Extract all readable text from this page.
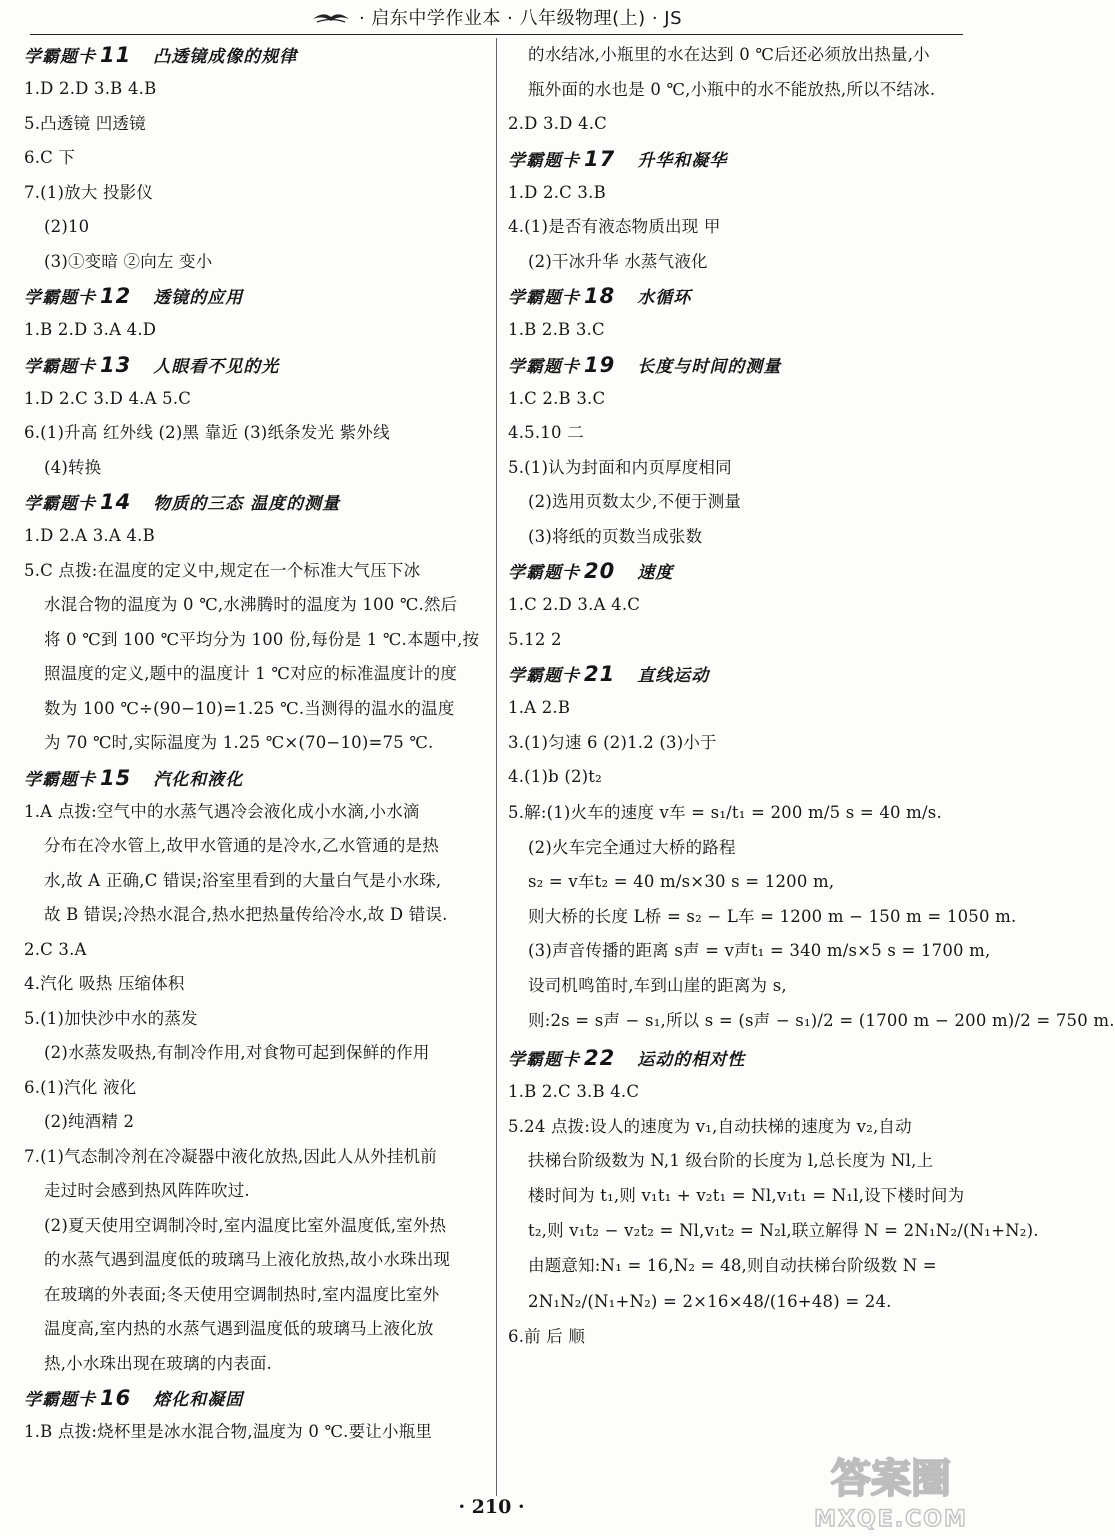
· 启东中学作业本 · 八年级物理(上) · JS
学霸题卡 11 凸透镜成像的规律
1.D 2.D 3.B 4.B
5.凸透镜 凹透镜
6.C 下
7.(1)放大 投影仪
(2)10
(3)①变暗 ②向左 变小
学霸题卡 12 透镜的应用
1.B 2.D 3.A 4.D
学霸题卡 13 人眼看不见的光
1.D 2.C 3.D 4.A 5.C
6.(1)升高 红外线 (2)黑 靠近 (3)纸条发光 紫外线
(4)转换
学霸题卡 14 物质的三态 温度的测量
1.D 2.A 3.A 4.B
5.C 点拨:在温度的定义中,规定在一个标准大气压下冰
水混合物的温度为 0 ℃,水沸腾时的温度为 100 ℃.然后
将 0 ℃到 100 ℃平均分为 100 份,每份是 1 ℃.本题中,按
照温度的定义,题中的温度计 1 ℃对应的标准温度计的度
数为 100 ℃÷(90−10)=1.25 ℃.当测得的温水的温度
为 70 ℃时,实际温度为 1.25 ℃×(70−10)=75 ℃.
学霸题卡 15 汽化和液化
1.A 点拨:空气中的水蒸气遇冷会液化成小水滴,小水滴
分布在冷水管上,故甲水管通的是冷水,乙水管通的是热
水,故 A 正确,C 错误;浴室里看到的大量白气是小水珠,
故 B 错误;冷热水混合,热水把热量传给冷水,故 D 错误.
2.C 3.A
4.汽化 吸热 压缩体积
5.(1)加快沙中水的蒸发
(2)水蒸发吸热,有制冷作用,对食物可起到保鲜的作用
6.(1)汽化 液化
(2)纯酒精 2
7.(1)气态制冷剂在冷凝器中液化放热,因此人从外挂机前
走过时会感到热风阵阵吹过.
(2)夏天使用空调制冷时,室内温度比室外温度低,室外热
的水蒸气遇到温度低的玻璃马上液化放热,故小水珠出现
在玻璃的外表面;冬天使用空调制热时,室内温度比室外
温度高,室内热的水蒸气遇到温度低的玻璃马上液化放
热,小水珠出现在玻璃的内表面.
学霸题卡 16 熔化和凝固
1.B 点拨:烧杯里是冰水混合物,温度为 0 ℃.要让小瓶里
的水结冰,小瓶里的水在达到 0 ℃后还必须放出热量,小
瓶外面的水也是 0 ℃,小瓶中的水不能放热,所以不结冰.
2.D 3.D 4.C
学霸题卡 17 升华和凝华
1.D 2.C 3.B
4.(1)是否有液态物质出现 甲
(2)干冰升华 水蒸气液化
学霸题卡 18 水循环
1.B 2.B 3.C
学霸题卡 19 长度与时间的测量
1.C 2.B 3.C
4.5.10 二
5.(1)认为封面和内页厚度相同
(2)选用页数太少,不便于测量
(3)将纸的页数当成张数
学霸题卡 20 速度
1.C 2.D 3.A 4.C
5.12 2
学霸题卡 21 直线运动
1.A 2.B
3.(1)匀速 6 (2)1.2 (3)小于
4.(1)b (2)t₂
5.解:(1)火车的速度 v车 = s₁/t₁ = 200 m/5 s = 40 m/s.
(2)火车完全通过大桥的路程
s₂ = v车t₂ = 40 m/s×30 s = 1200 m,
则大桥的长度 L桥 = s₂ − L车 = 1200 m − 150 m = 1050 m.
(3)声音传播的距离 s声 = v声t₁ = 340 m/s×5 s = 1700 m,
设司机鸣笛时,车到山崖的距离为 s,
则:2s = s声 − s₁,所以 s = (s声 − s₁)/2 = (1700 m − 200 m)/2 = 750 m.
学霸题卡 22 运动的相对性
1.B 2.C 3.B 4.C
5.24 点拨:设人的速度为 v₁,自动扶梯的速度为 v₂,自动
扶梯台阶级数为 N,1 级台阶的长度为 l,总长度为 Nl,上
楼时间为 t₁,则 v₁t₁ + v₂t₁ = Nl,v₁t₁ = N₁l,设下楼时间为
t₂,则 v₁t₂ − v₂t₂ = Nl,v₁t₂ = N₂l,联立解得 N = 2N₁N₂/(N₁+N₂).
由题意知:N₁ = 16,N₂ = 48,则自动扶梯台阶级数 N =
2N₁N₂/(N₁+N₂) = 2×16×48/(16+48) = 24.
6.前 后 顺
· 210 ·
答案圈
MXQE.COM
